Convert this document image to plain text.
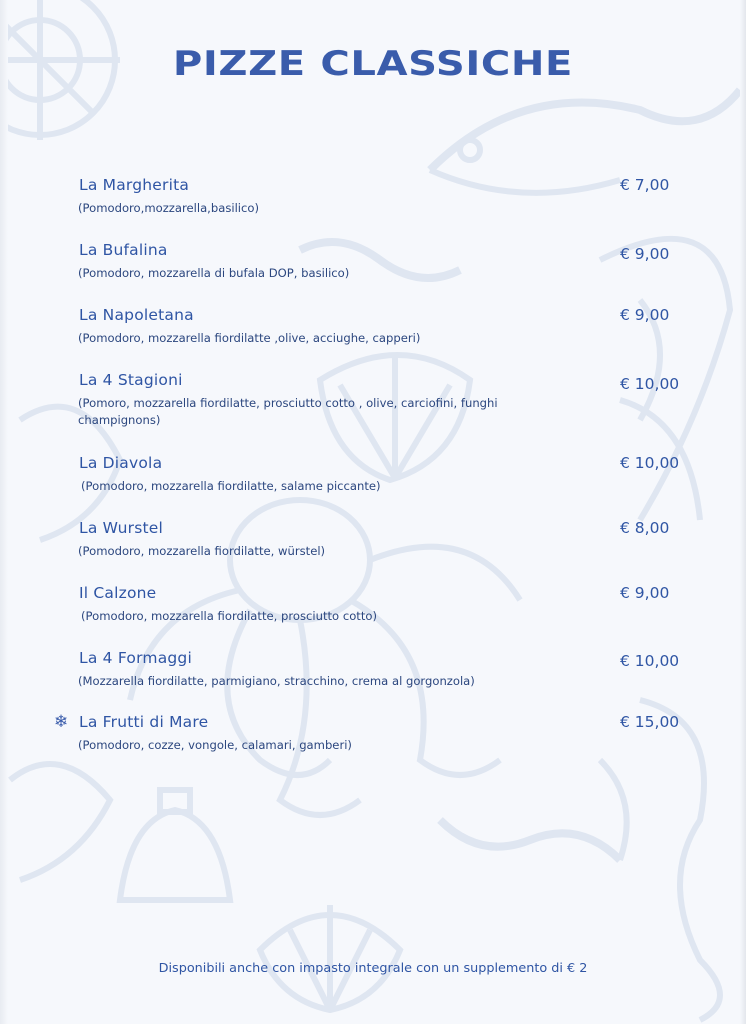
PIZZE CLASSICHE
La Margherita
(Pomodoro,mozzarella,basilico)
€ 7,00
La Bufalina
(Pomodoro, mozzarella di bufala DOP, basilico)
€ 9,00
La Napoletana
(Pomodoro, mozzarella fiordilatte ,olive, acciughe, capperi)
€ 9,00
La 4 Stagioni
(Pomoro, mozzarella fiordilatte, prosciutto cotto , olive, carciofini, funghi champignons)
€ 10,00
La Diavola
(Pomodoro, mozzarella fiordilatte, salame piccante)
€ 10,00
La Wurstel
(Pomodoro, mozzarella fiordilatte, würstel)
€ 8,00
Il Calzone
(Pomodoro, mozzarella fiordilatte, prosciutto cotto)
€ 9,00
La 4 Formaggi
(Mozzarella fiordilatte, parmigiano, stracchino, crema al gorgonzola)
€ 10,00
❄ La Frutti di Mare
(Pomodoro, cozze, vongole, calamari, gamberi)
€ 15,00
Disponibili anche con impasto integrale con un supplemento di € 2
